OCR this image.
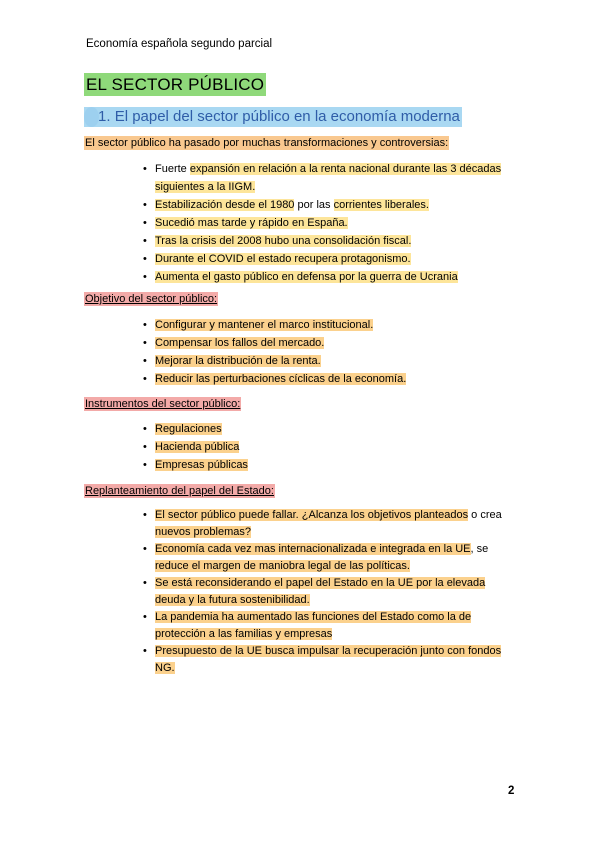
Economía española segundo parcial
EL SECTOR PÚBLICO
1. El papel del sector público en la economía moderna
El sector público ha pasado por muchas transformaciones y controversias:
• Fuerte expansión en relación a la renta nacional durante las 3 décadas
siguientes a la IIGM.
• Estabilización desde el 1980 por las corrientes liberales.
• Sucedió mas tarde y rápido en España.
• Tras la crisis del 2008 hubo una consolidación fiscal.
• Durante el COVID el estado recupera protagonismo.
• Aumenta el gasto público en defensa por la guerra de Ucrania
Objetivo del sector público:
• Configurar y mantener el marco institucional.
• Compensar los fallos del mercado.
• Mejorar la distribución de la renta.
• Reducir las perturbaciones cíclicas de la economía.
Instrumentos del sector público:
• Regulaciones
• Hacienda pública
• Empresas públicas
Replanteamiento del papel del Estado:
• El sector público puede fallar. ¿Alcanza los objetivos planteados o crea
nuevos problemas?
• Economía cada vez mas internacionalizada e integrada en la UE, se
reduce el margen de maniobra legal de las políticas.
• Se está reconsiderando el papel del Estado en la UE por la elevada
deuda y la futura sostenibilidad.
• La pandemia ha aumentado las funciones del Estado como la de
protección a las familias y empresas
• Presupuesto de la UE busca impulsar la recuperación junto con fondos
NG.
2
